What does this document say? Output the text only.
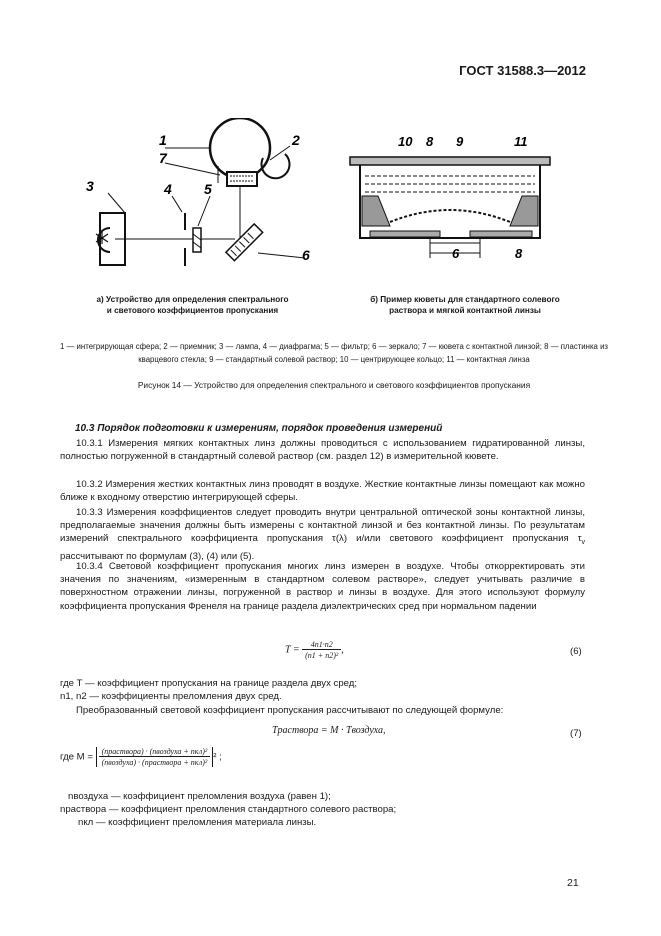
ГОСТ 31588.3—2012
1	2
3	4 5
6
7
10 8 9	11
6	8
а) Устройство для определения спектрального
и светового коэффициентов пропускания
б) Пример кюветы для стандартного солевого
раствора и мягкой контактной линзы
1 — интегрирующая сфера; 2 — приемник; 3 — лампа, 4 — диафрагма; 5 — фильтр; 6 — зеркало; 7 — кювета с контактной линзой; 8 — пластинка из кварцевого стекла; 9 — стандартный солевой раствор; 10 — центрирующее кольцо; 11 — контактная линза
Рисунок 14 — Устройство для определения спектрального и светового коэффициентов пропускания
10.3 Порядок подготовки к измерениям, порядок проведения измерений
10.3.1 Измерения мягких контактных линз должны проводиться с использованием гидратированной линзы, полностью погруженной в стандартный солевой раствор (см. раздел 12) в измерительной кювете.
10.3.2 Измерения жестких контактных линз проводят в воздухе. Жесткие контактные линзы помещают как можно ближе к входному отверстию интегрирующей сферы.
10.3.3 Измерения коэффициентов следует проводить внутри центральной оптической зоны контактной линзы, предполагаемые значения должны быть измерены с контактной линзой и без контактной линзы. По результатам измерений спектрального коэффициента пропускания τ(λ) и/или светового коэффициент пропускания $\tau_v$ рассчитывают по формулам (3), (4) или (5).
10.3.4 Световой коэффициент пропускания многих линз измерен в воздухе. Чтобы откорректировать эти значения по значениям, «измеренным в стандартном солевом растворе», следует учитывать различие в поверхностном отражении линзы, погруженной в раствор и линзы в воздухе. Для этого используют формулу коэффициента пропускания Френеля на границе раздела диэлектрических сред при нормальном падении
$T = \frac{4n1\cdot n2}{\text{(n1 + n2)²}}$ ,	(6)
где T — коэффициент пропускания на границе раздела двух сред;
n1, n2 — коэффициенты преломления двух сред.
Преобразованный световой коэффициент пропускания рассчитывают по следующей формуле:
Tраствора = M · Tвоздуха,	(7)
где $M = \frac{\text{(nраствора) · (nвоздуха + nкл)²}}{\text{(nвоздуха) · (nраствора + nкл)²}} ^2$ ;
nвоздуха — коэффициент преломления воздуха (равен 1);
nраствора — коэффициент преломления стандартного солевого раствора;
nкл — коэффициент преломления материала линзы.
21
